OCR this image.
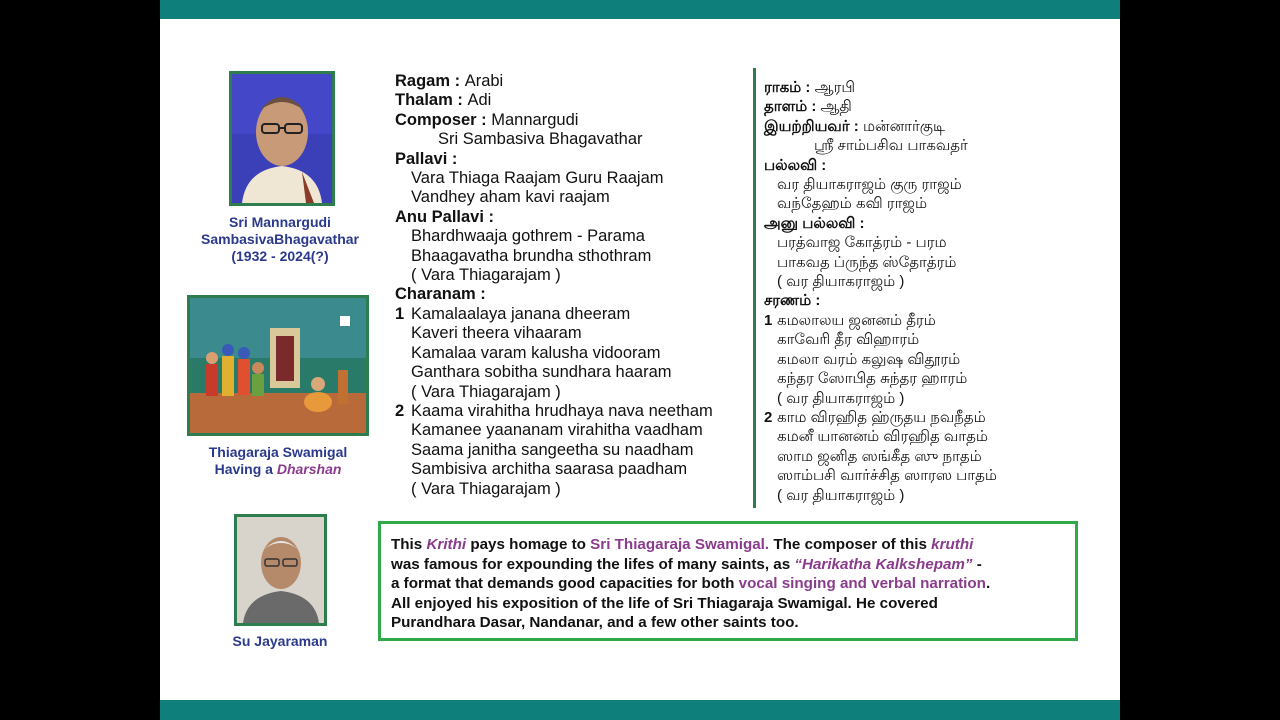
Sri Mannargudi
SambasivaBhagavathar
(1932 - 2024(?)
Thiagaraja Swamigal
Having a Dharshan
Su Jayaraman
Ragam : Arabi
Thalam : Adi
Composer : Mannargudi
Sri Sambasiva Bhagavathar
Pallavi :
Vara Thiaga Raajam Guru Raajam
Vandhey aham kavi raajam
Anu Pallavi :
Bhardhwaaja gothrem - Parama
Bhaagavatha brundha sthothram
( Vara Thiagarajam )
Charanam :
1 Kamalaalaya janana dheeram
Kaveri theera vihaaram
Kamalaa varam kalusha vidooram
Ganthara sobitha sundhara haaram
( Vara Thiagarajam )
2 Kaama virahitha hrudhaya nava neetham
Kamanee yaananam virahitha vaadham
Saama janitha sangeetha su naadham
Sambisiva architha saarasa paadham
( Vara Thiagarajam )
ராகம் : ஆரபி
தாளம் : ஆதி
இயற்றியவர் : மன்னார்குடி
ஸ்ரீ சாம்பசிவ பாகவதர்
பல்லவி :
வர தியாகராஜம் குரு ராஜம்
வந்தேஹம் கவி ராஜம்
அனு பல்லவி :
பரத்வாஜ கோத்ரம் - பரம
பாகவத ப்ருந்த ஸ்தோத்ரம்
( வர தியாகராஜம் )
சரணம் :
1 கமலாலய ஜனனம் தீரம்
காவேரி தீர விஹாரம்
கமலா வரம் கலுஷ விதூரம்
கந்தர ஸோபித சுந்தர ஹாரம்
( வர தியாகராஜம் )
2 காம விரஹித ஹ்ருதய நவநீதம்
கமனீ யானனம் விரஹித வாதம்
ஸாம ஜனித ஸங்கீத ஸு நாதம்
ஸாம்பசி வார்ச்சித ஸாரஸ பாதம்
( வர தியாகராஜம் )
This Krithi pays homage to Sri Thiagaraja Swamigal. The composer of this kruthi
was famous for expounding the lifes of many saints, as “Harikatha Kalkshepam” -
a format that demands good capacities for both vocal singing and verbal narration.
All enjoyed his exposition of the life of Sri Thiagaraja Swamigal. He covered
Purandhara Dasar, Nandanar, and a few other saints too.
